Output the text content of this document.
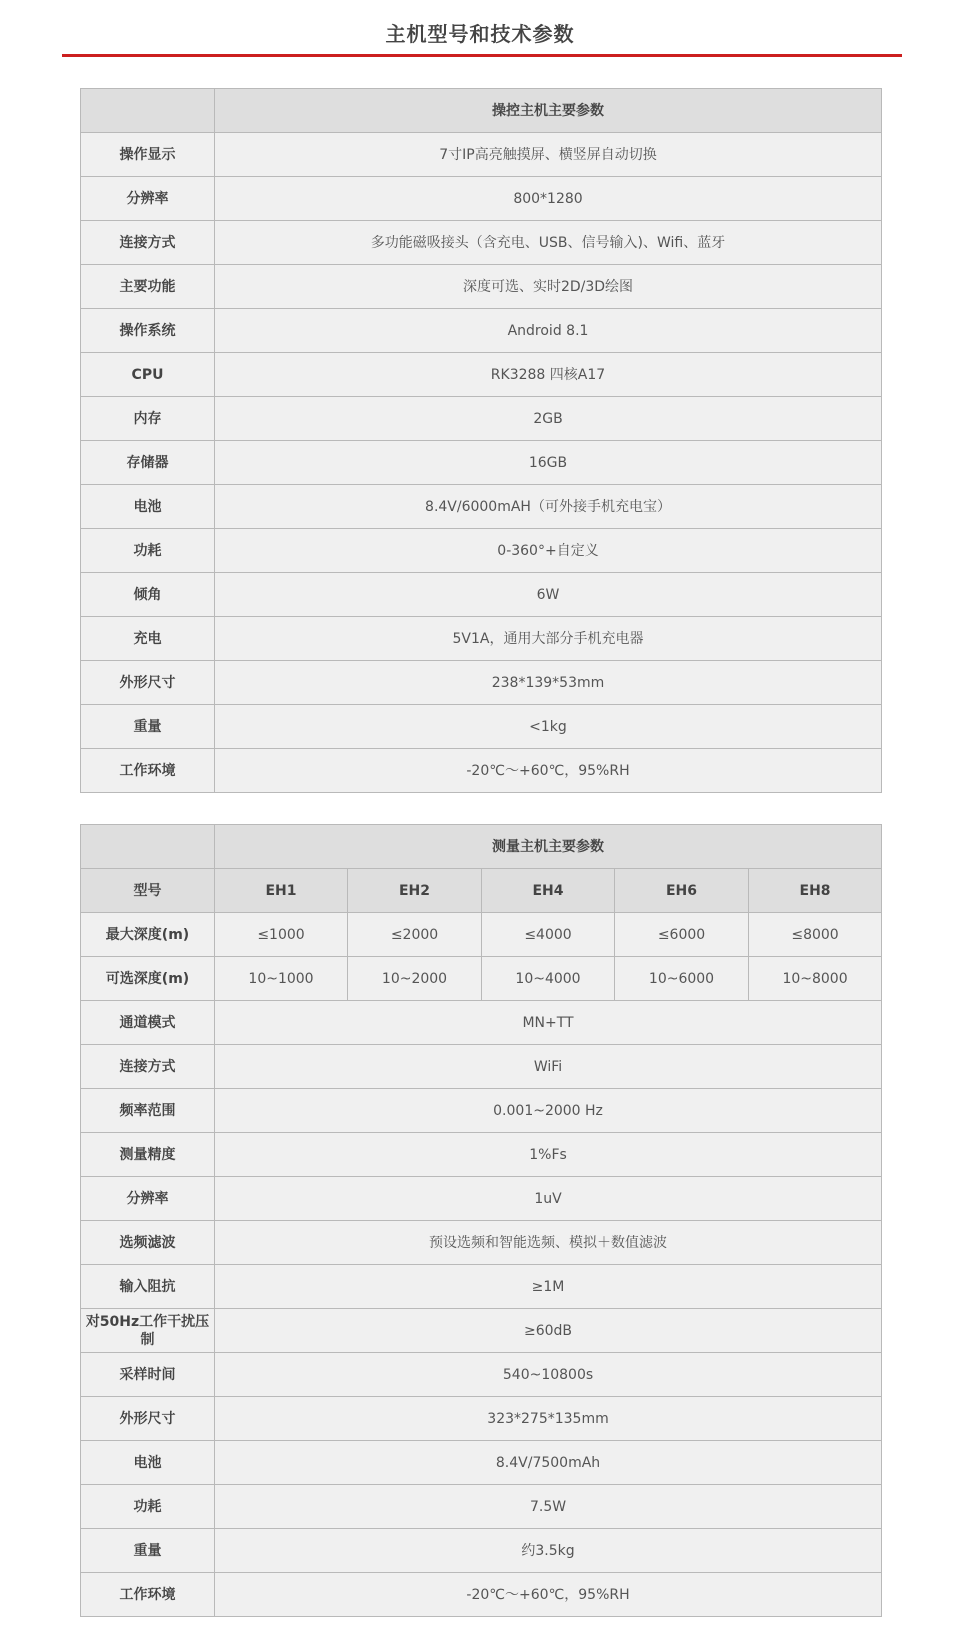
主机型号和技术参数
	操控主机主要参数
操作显示	7寸IP高亮触摸屏、横竖屏自动切换
分辨率	800*1280
连接方式	多功能磁吸接头（含充电、USB、信号输入)、Wifi、蓝牙
主要功能	深度可选、实时2D/3D绘图
操作系统	Android 8.1
CPU	RK3288 四核A17
内存	2GB
存储器	16GB
电池	8.4V/6000mAH（可外接手机充电宝）
功耗	0-360°+自定义
倾角	6W
充电	5V1A，通用大部分手机充电器
外形尺寸	238*139*53mm
重量	<1kg
工作环境	-20℃～+60℃，95%RH
	测量主机主要参数				
型号	EH1	EH2	EH4	EH6	EH8
最大深度(m)	≤1000	≤2000	≤4000	≤6000	≤8000
可选深度(m)	10~1000	10~2000	10~4000	10~6000	10~8000
通道模式	MN+TT				
连接方式	WiFi				
频率范围	0.001~2000 Hz				
测量精度	1%Fs				
分辨率	1uV				
选频滤波	预设选频和智能选频、模拟＋数值滤波				
输入阻抗	≥1M				
对50Hz工作干扰压制	≥60dB				
采样时间	540~10800s				
外形尺寸	323*275*135mm				
电池	8.4V/7500mAh				
功耗	7.5W				
重量	约3.5kg				
工作环境	-20℃～+60℃，95%RH				
